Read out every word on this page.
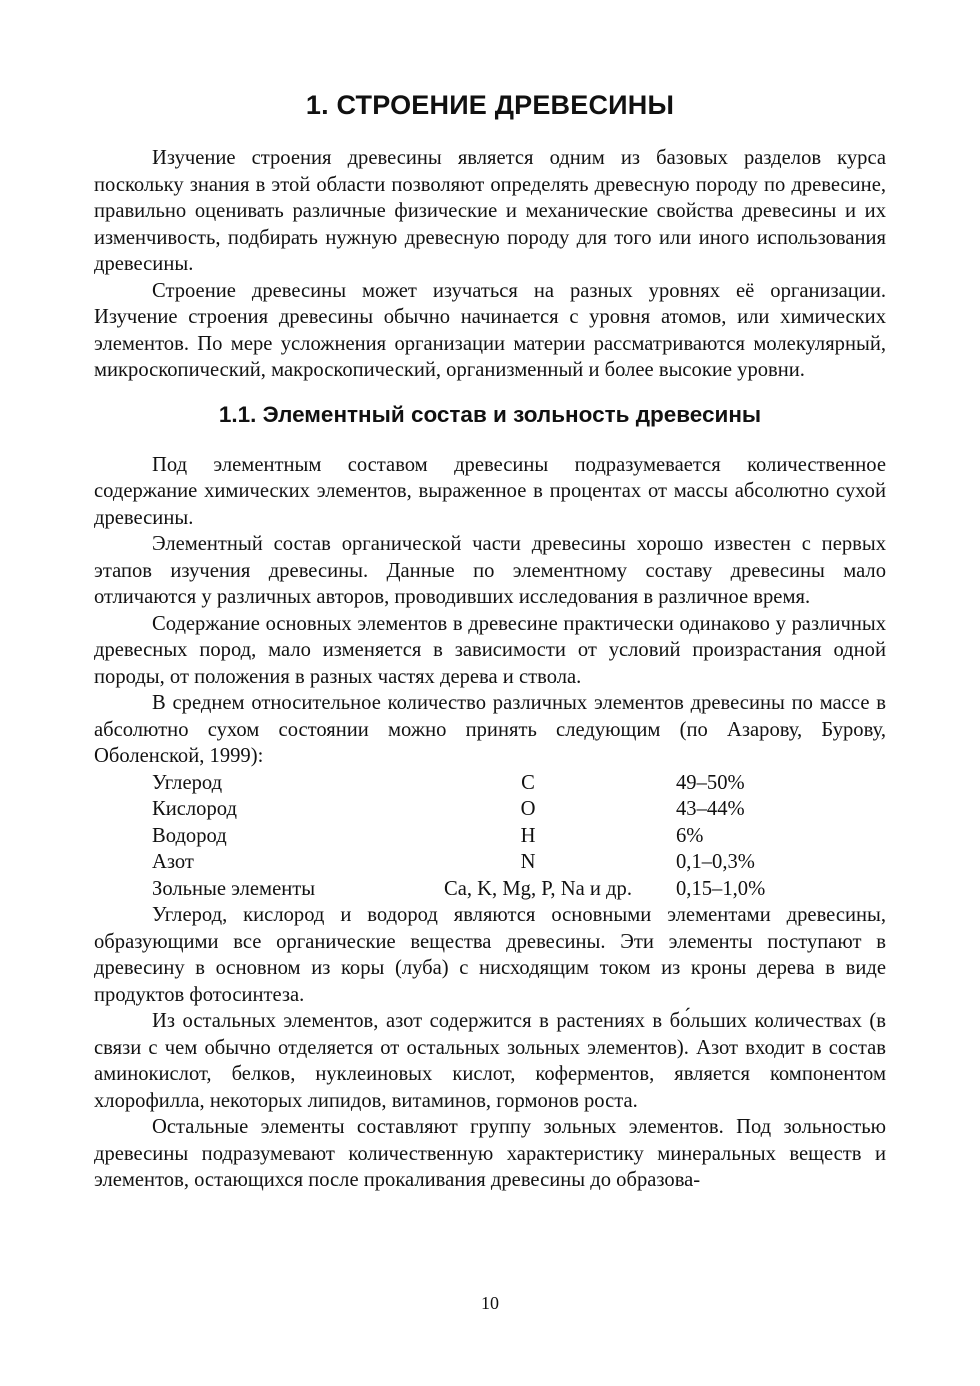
1. СТРОЕНИЕ ДРЕВЕСИНЫ

Изучение строения древесины является одним из базовых разделов курса поскольку знания в этой области позволяют определять древесную породу по древесине, правильно оценивать различные физические и механические свойства древесины и их изменчивость, подбирать нужную древесную породу для того или иного использования древесины.

Строение древесины может изучаться на разных уровнях её организации. Изучение строения древесины обычно начинается с уровня атомов, или химических элементов. По мере усложнения организации материи рассматриваются молекулярный, микроскопический, макроскопический, организменный и более высокие уровни.

1.1. Элементный состав и зольность древесины

Под элементным составом древесины подразумевается количественное содержание химических элементов, выраженное в процентах от массы абсолютно сухой древесины.

Элементный состав органической части древесины хорошо известен с первых этапов изучения древесины. Данные по элементному составу древесины мало отличаются у различных авторов, проводивших исследования в различное время.

Содержание основных элементов в древесине практически одинаково у различных древесных пород, мало изменяется в зависимости от условий произрастания одной породы, от положения в разных частях дерева и ствола.

В среднем относительное количество различных элементов древесины по массе в абсолютно сухом состоянии можно принять следующим (по Азарову, Бурову, Оболенской, 1999):

Углерод	C	49–50%
Кислород	O	43–44%
Водород	H	6%
Азот	N	0,1–0,3%
Зольные элементы	Ca, K, Mg, P, Na и др.	0,15–1,0%

Углерод, кислород и водород являются основными элементами древесины, образующими все органические вещества древесины. Эти элементы поступают в древесину в основном из коры (луба) с нисходящим током из кроны дерева в виде продуктов фотосинтеза.

Из остальных элементов, азот содержится в растениях в бо́льших количествах (в связи с чем обычно отделяется от остальных зольных элементов). Азот входит в состав аминокислот, белков, нуклеиновых кислот, коферментов, является компонентом хлорофилла, некоторых липидов, витаминов, гормонов роста.

Остальные элементы составляют группу зольных элементов. Под зольностью древесины подразумевают количественную характеристику минеральных веществ и элементов, остающихся после прокаливания древесины до образова-

10
